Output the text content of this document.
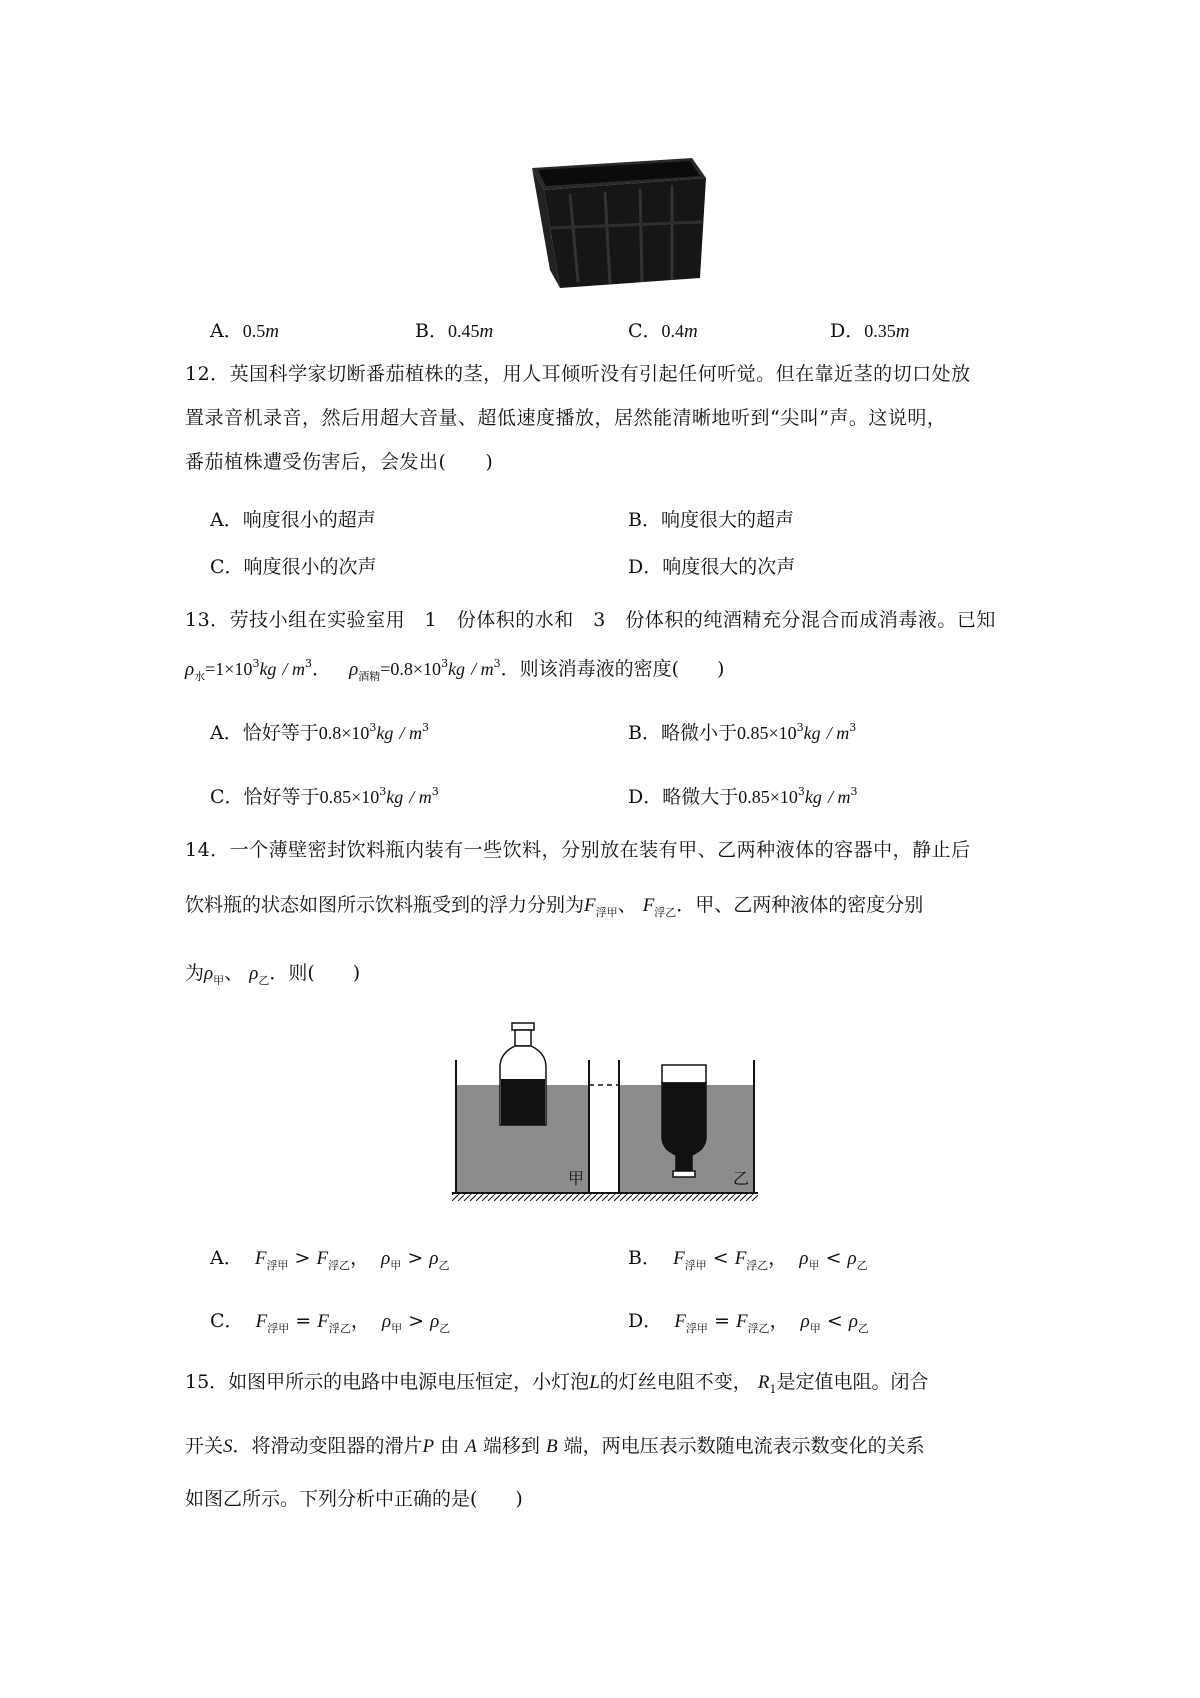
A．0.5m	B．0.45m	C．0.4m	D．0.35m
12．英国科学家切断番茄植株的茎，用人耳倾听没有引起任何听觉。但在靠近茎的切口处放
置录音机录音，然后用超大音量、超低速度播放，居然能清晰地听到“尖叫”声。这说明，
番茄植株遭受伤害后，会发出(　　)
A．响度很小的超声	B．响度很大的超声
C．响度很小的次声	D．响度很大的次声
13．劳技小组在实验室用　1　份体积的水和　3　份体积的纯酒精充分混合而成消毒液。已知
$\rho_水=1\times 10^3kg / m^3$． $\rho_{酒精}=0.8\times 10^3kg / m^3$．则该消毒液的密度(　　)
A．恰好等于$0.8\times 10^3kg / m^3$	B．略微小于$0.85\times 10^3kg / m^3$
C．恰好等于$0.85\times 10^3kg / m^3$	D．略微大于$0.85\times 10^3kg / m^3$
14．一个薄壁密封饮料瓶内装有一些饮料，分别放在装有甲、乙两种液体的容器中，静止后
饮料瓶的状态如图所示饮料瓶受到的浮力分别为$F_{浮甲}$、 $F_{浮乙}$．甲、乙两种液体的密度分别
为$\rho_甲$、 $\rho_乙$．则(　　)
甲	乙
A． $F_{浮甲} > F_{浮乙}$， $\rho_甲 > \rho_乙$	B． $F_{浮甲} < F_{浮乙}$， $\rho_甲 < \rho_乙$
C． $F_{浮甲} = F_{浮乙}$， $\rho_甲 > \rho_乙$	D． $F_{浮甲} = F_{浮乙}$， $\rho_甲 < \rho_乙$
15．如图甲所示的电路中电源电压恒定，小灯泡L的灯丝电阻不变， $R_1$是定值电阻。闭合
开关S．将滑动变阻器的滑片P 由 A 端移到 B 端，两电压表示数随电流表示数变化的关系
如图乙所示。下列分析中正确的是(　　)
